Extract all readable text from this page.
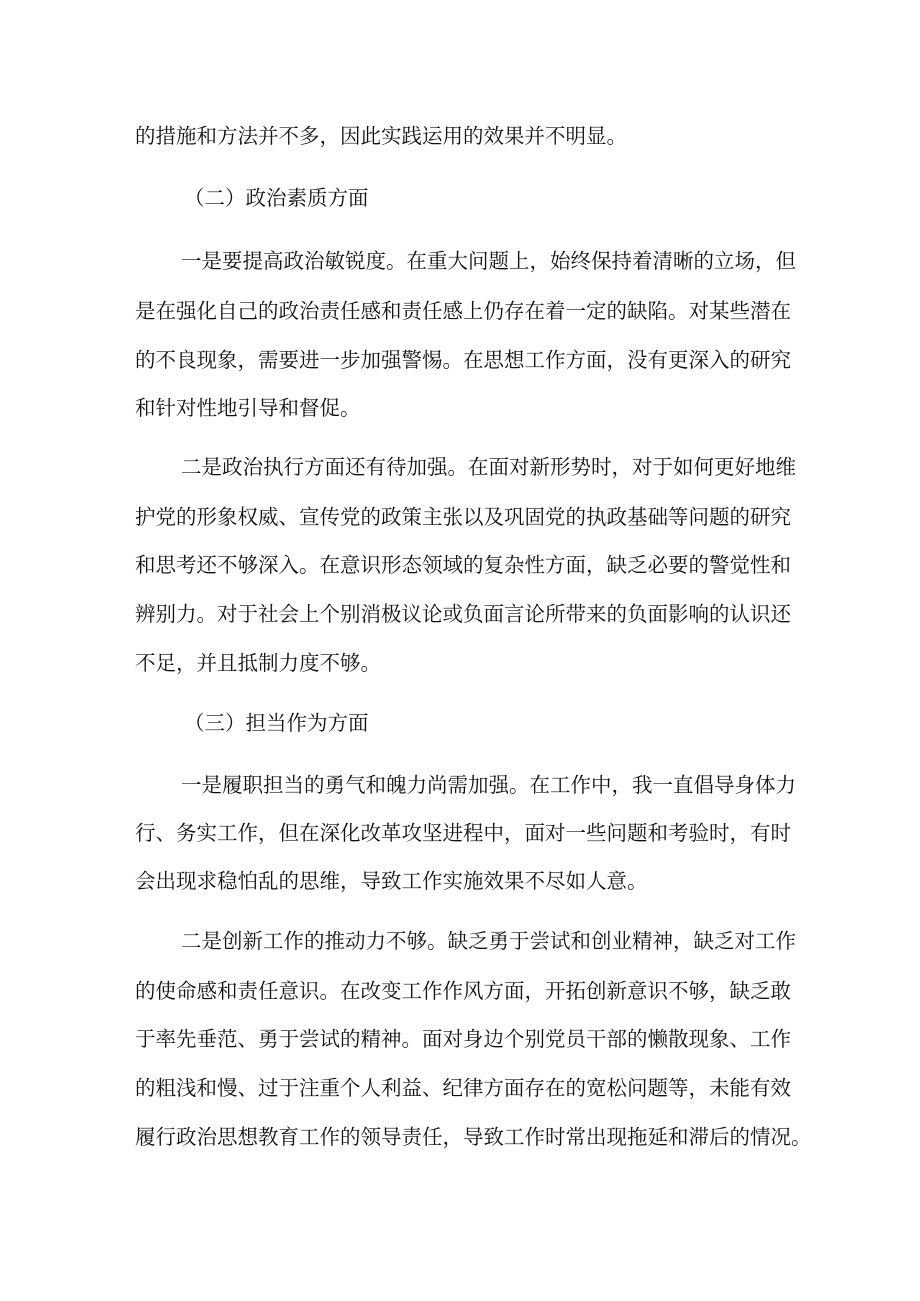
的措施和方法并不多，因此实践运用的效果并不明显。
（二）政治素质方面
一是要提高政治敏锐度。在重大问题上，始终保持着清晰的立场，但
是在强化自己的政治责任感和责任感上仍存在着一定的缺陷。对某些潜在
的不良现象，需要进一步加强警惕。在思想工作方面，没有更深入的研究
和针对性地引导和督促。
二是政治执行方面还有待加强。在面对新形势时，对于如何更好地维
护党的形象权威、宣传党的政策主张以及巩固党的执政基础等问题的研究
和思考还不够深入。在意识形态领域的复杂性方面，缺乏必要的警觉性和
辨别力。对于社会上个别消极议论或负面言论所带来的负面影响的认识还
不足，并且抵制力度不够。
（三）担当作为方面
一是履职担当的勇气和魄力尚需加强。在工作中，我一直倡导身体力
行、务实工作，但在深化改革攻坚进程中，面对一些问题和考验时，有时
会出现求稳怕乱的思维，导致工作实施效果不尽如人意。
二是创新工作的推动力不够。缺乏勇于尝试和创业精神，缺乏对工作
的使命感和责任意识。在改变工作作风方面，开拓创新意识不够，缺乏敢
于率先垂范、勇于尝试的精神。面对身边个别党员干部的懒散现象、工作
的粗浅和慢、过于注重个人利益、纪律方面存在的宽松问题等，未能有效
履行政治思想教育工作的领导责任，导致工作时常出现拖延和滞后的情况。
